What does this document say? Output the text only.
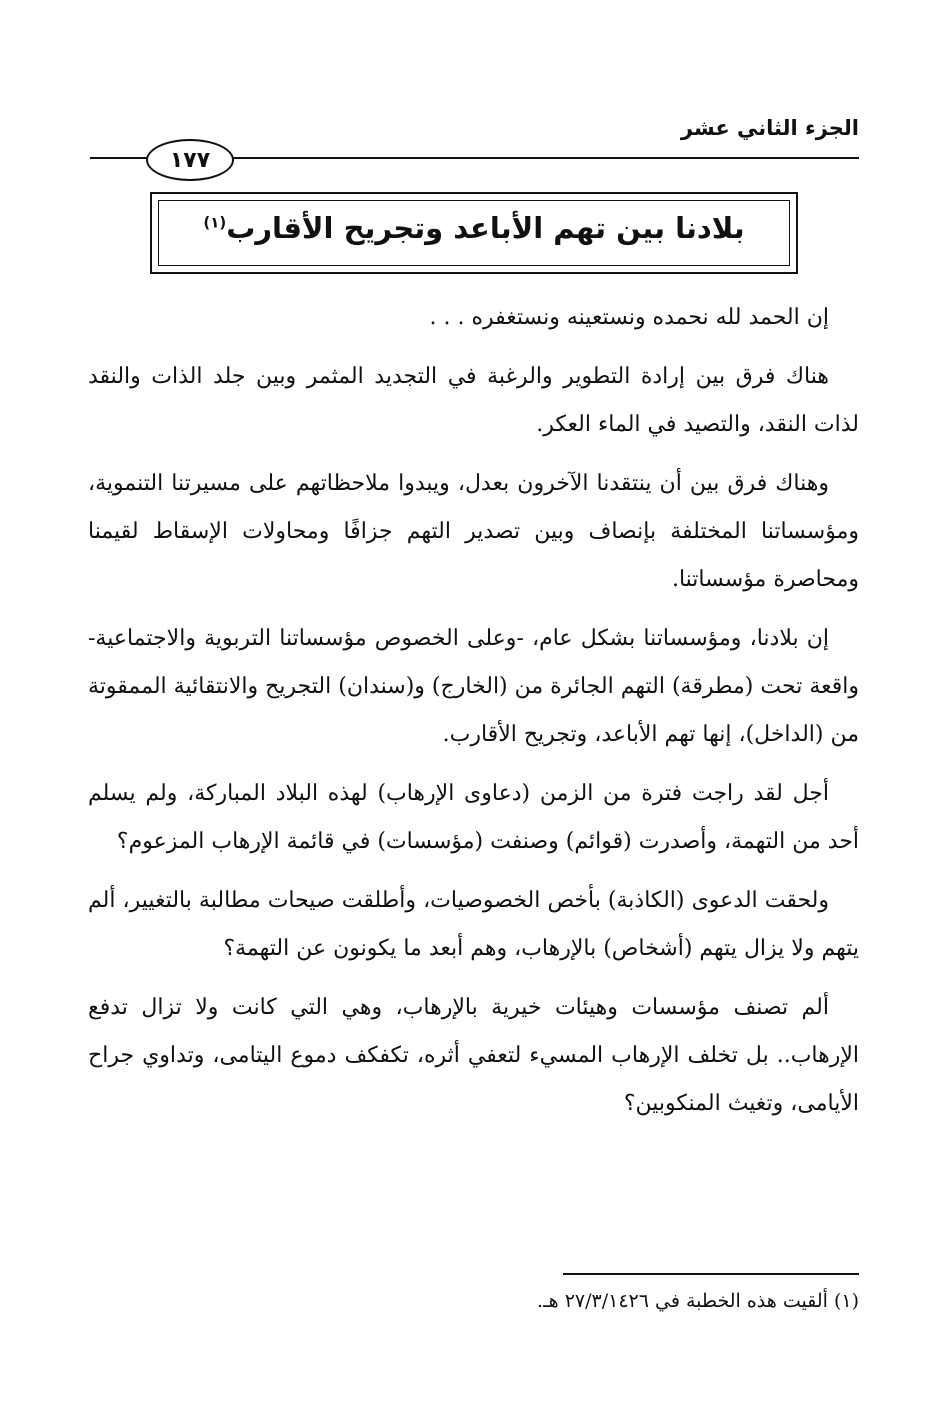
الجزء الثاني عشر
١٧٧
بلادنا بين تهم الأباعد وتجريح الأقارب$^{(١)}$

إن الحمد لله نحمده ونستعينه ونستغفره . . .

هناك فرق بين إرادة التطوير والرغبة في التجديد المثمر وبين جلد الذات والنقد لذات النقد، والتصيد في الماء العكر.

وهناك فرق بين أن ينتقدنا الآخرون بعدل، ويبدوا ملاحظاتهم على مسيرتنا التنموية، ومؤسساتنا المختلفة بإنصاف وبين تصدير التهم جزافًا ومحاولات الإسقاط لقيمنا ومحاصرة مؤسساتنا.

إن بلادنا، ومؤسساتنا بشكل عام، -وعلى الخصوص مؤسساتنا التربوية والاجتماعية- واقعة تحت (مطرقة) التهم الجائرة من (الخارج) و(سندان) التجريح والانتقائية الممقوتة من (الداخل)، إنها تهم الأباعد، وتجريح الأقارب.

أجل لقد راجت فترة من الزمن (دعاوى الإرهاب) لهذه البلاد المباركة، ولم يسلم أحد من التهمة، وأصدرت (قوائم) وصنفت (مؤسسات) في قائمة الإرهاب المزعوم؟

ولحقت الدعوى (الكاذبة) بأخص الخصوصيات، وأطلقت صيحات مطالبة بالتغيير، ألم يتهم ولا يزال يتهم (أشخاص) بالإرهاب، وهم أبعد ما يكونون عن التهمة؟

ألم تصنف مؤسسات وهيئات خيرية بالإرهاب، وهي التي كانت ولا تزال تدفع الإرهاب.. بل تخلف الإرهاب المسيء لتعفي أثره، تكفكف دموع اليتامى، وتداوي جراح الأيامى، وتغيث المنكوبين؟

(١) ألقيت هذه الخطبة في ٢٧/٣/١٤٢٦ هـ.
